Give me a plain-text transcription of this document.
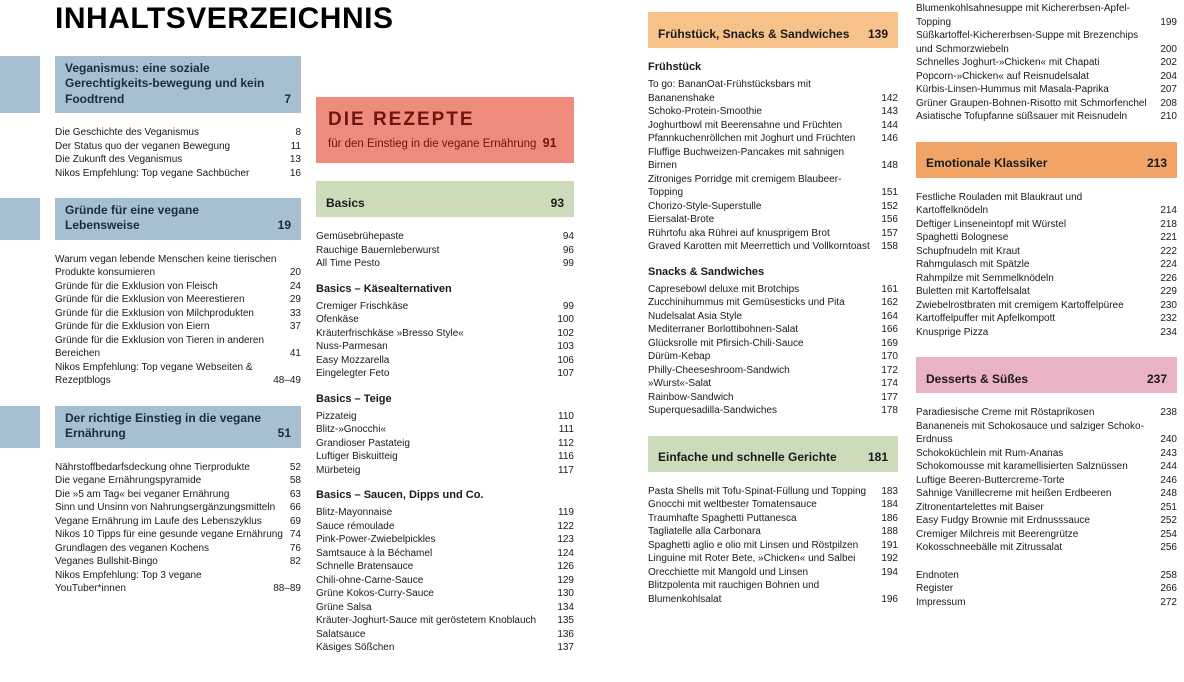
INHALTSVERZEICHNIS
Veganismus: eine soziale Gerechtigkeits-bewegung und kein Foodtrend	7
Die Geschichte des Veganismus	8
Der Status quo der veganen Bewegung	11
Die Zukunft des Veganismus	13
Nikos Empfehlung: Top vegane Sachbücher	16
Gründe für eine vegane Lebensweise	19
Warum vegan lebende Menschen keine tierischen Produkte konsumieren	20
Gründe für die Exklusion von Fleisch	24
Gründe für die Exklusion von Meerestieren	29
Gründe für die Exklusion von Milchprodukten	33
Gründe für die Exklusion von Eiern	37
Gründe für die Exklusion von Tieren in anderen Bereichen	41
Nikos Empfehlung: Top vegane Webseiten & Rezeptblogs	48–49
Der richtige Einstieg in die vegane Ernährung	51
Nährstoffbedarfsdeckung ohne Tierprodukte	52
Die vegane Ernährungspyramide	58
Die »5 am Tag« bei veganer Ernährung	63
Sinn und Unsinn von Nahrungsergänzungsmitteln	66
Vegane Ernährung im Laufe des Lebenszyklus	69
Nikos 10 Tipps für eine gesunde vegane Ernährung 74
Grundlagen des veganen Kochens	76
Veganes Bullshit-Bingo	82
Nikos Empfehlung: Top 3 vegane YouTuber*innen	88–89
DIE REZEPTE
für den Einstieg in die vegane Ernährung 91
Basics	93
Gemüsebrühepaste	94
Rauchige Bauernleberwurst	96
All Time Pesto	99
Basics – Käsealternativen
Cremiger Frischkäse	99
Ofenkäse	100
Kräuterfrischkäse »Bresso Style«	102
Nuss-Parmesan	103
Easy Mozzarella	106
Eingelegter Feto	107
Basics – Teige
Pizzateig	110
Blitz-»Gnocchi«	111
Grandioser Pastateig	112
Luftiger Biskuitteig	116
Mürbeteig	117
Basics – Saucen, Dipps und Co.
Blitz-Mayonnaise	119
Sauce rémoulade	122
Pink-Power-Zwiebelpickles	123
Samtsauce à la Béchamel	124
Schnelle Bratensauce	126
Chili-ohne-Carne-Sauce	129
Grüne Kokos-Curry-Sauce	130
Grüne Salsa	134
Kräuter-Joghurt-Sauce mit geröstetem Knoblauch	135
Salatsauce	136
Käsiges Sößchen	137
Frühstück, Snacks & Sandwiches	139
Frühstück
To go: BananOat-Frühstücksbars mit Bananenshake	142
Schoko-Protein-Smoothie	143
Joghurtbowl mit Beerensahne und Früchten	144
Pfannkuchenröllchen mit Joghurt und Früchten	146
Fluffige Buchweizen-Pancakes mit sahnigen Birnen	148
Zitroniges Porridge mit cremigem Blaubeer-Topping	151
Chorizo-Style-Superstulle	152
Eiersalat-Brote	156
Rührtofu aka Rührei auf knusprigem Brot	157
Graved Karotten mit Meerrettich und Vollkorntoast	158
Snacks & Sandwiches
Capresebowl deluxe mit Brotchips	161
Zucchinihummus mit Gemüsesticks und Pita	162
Nudelsalat Asia Style	164
Mediterraner Borlottibohnen-Salat	166
Glücksrolle mit Pfirsich-Chili-Sauce	169
Dürüm-Kebap	170
Philly-Cheeseshroom-Sandwich	172
»Wurst«-Salat	174
Rainbow-Sandwich	177
Superquesadilla-Sandwiches	178
Einfache und schnelle Gerichte	181
Pasta Shells mit Tofu-Spinat-Füllung und Topping	183
Gnocchi mit weltbester Tomatensauce	184
Traumhafte Spaghetti Puttanesca	186
Tagliatelle alla Carbonara	188
Spaghetti aglio e olio mit Linsen und Röstpilzen	191
Linguine mit Roter Bete, »Chicken« und Salbei	192
Orecchiette mit Mangold und Linsen	194
Blitzpolenta mit rauchigen Bohnen und Blumenkohlsalat	196
Blumenkohlsahnesuppe mit Kichererbsen-Apfel-Topping	199
Süßkartoffel-Kichererbsen-Suppe mit Brezenchips und Schmorzwiebeln	200
Schnelles Joghurt-»Chicken« mit Chapati	202
Popcorn-»Chicken« auf Reisnudelsalat	204
Kürbis-Linsen-Hummus mit Masala-Paprika	207
Grüner Graupen-Bohnen-Risotto mit Schmorfenchel	208
Asiatische Tofupfanne süßsauer mit Reisnudeln	210
Emotionale Klassiker	213
Festliche Rouladen mit Blaukraut und Kartoffelknödeln	214
Deftiger Linseneintopf mit Würstel	218
Spaghetti Bolognese	221
Schupfnudeln mit Kraut	222
Rahmgulasch mit Spätzle	224
Rahmpilze mit Semmelknödeln	226
Buletten mit Kartoffelsalat	229
Zwiebelrostbraten mit cremigem Kartoffelpüree	230
Kartoffelpuffer mit Apfelkompott	232
Knusprige Pizza	234
Desserts & Süßes	237
Paradiesische Creme mit Röstaprikosen	238
Bananeneis mit Schokosauce und salziger Schoko-Erdnuss	240
Schokoküchlein mit Rum-Ananas	243
Schokomousse mit karamellisierten Salznüssen	244
Luftige Beeren-Buttercreme-Torte	246
Sahnige Vanillecreme mit heißen Erdbeeren	248
Zitronentartelettes mit Baiser	251
Easy Fudgy Brownie mit Erdnusssauce	252
Cremiger Milchreis mit Beerengrütze	254
Kokosschneebälle mit Zitrussalat	256
Endnoten	258
Register	266
Impressum	272
